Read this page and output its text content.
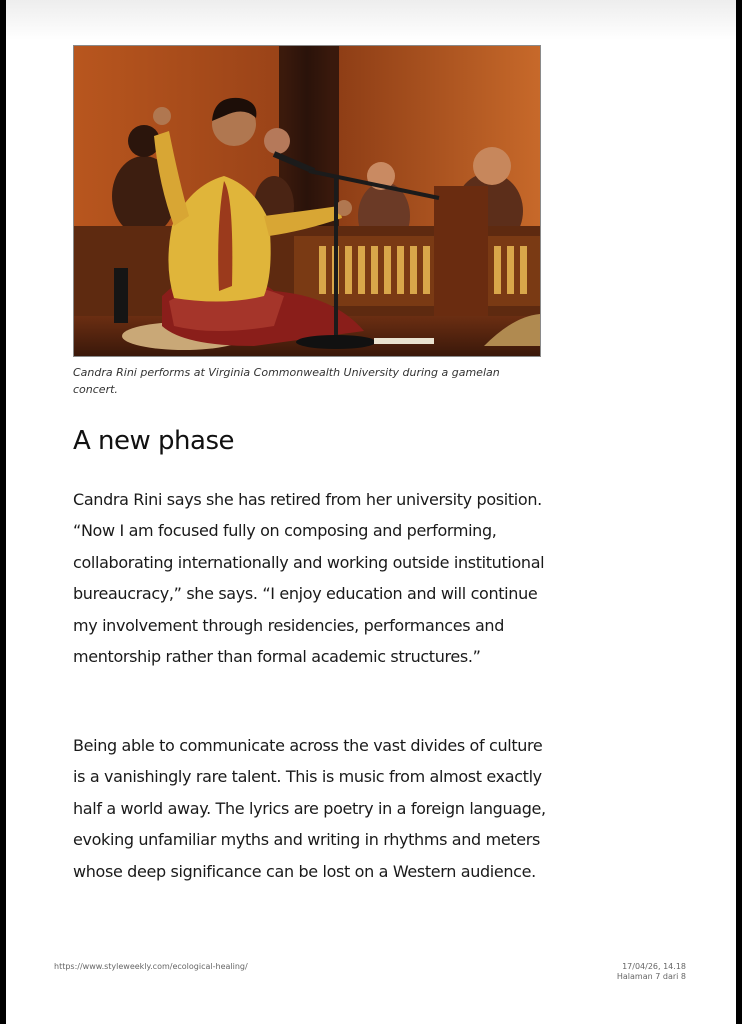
Candra Rini performs at Virginia Commonwealth University during a gamelan concert.
A new phase

Candra Rini says she has retired from her university position. “Now I am focused fully on composing and performing, collaborating internationally and working outside institutional bureaucracy,” she says. “I enjoy education and will continue my involvement through residencies, performances and mentorship rather than formal academic structures.”

Being able to communicate across the vast divides of culture is a vanishingly rare talent. This is music from almost exactly half a world away. The lyrics are poetry in a foreign language, evoking unfamiliar myths and writing in rhythms and meters whose deep significance can be lost on a Western audience.

https://www.styleweekly.com/ecological-healing/	17/04/26, 14.18
Halaman 7 dari 8
